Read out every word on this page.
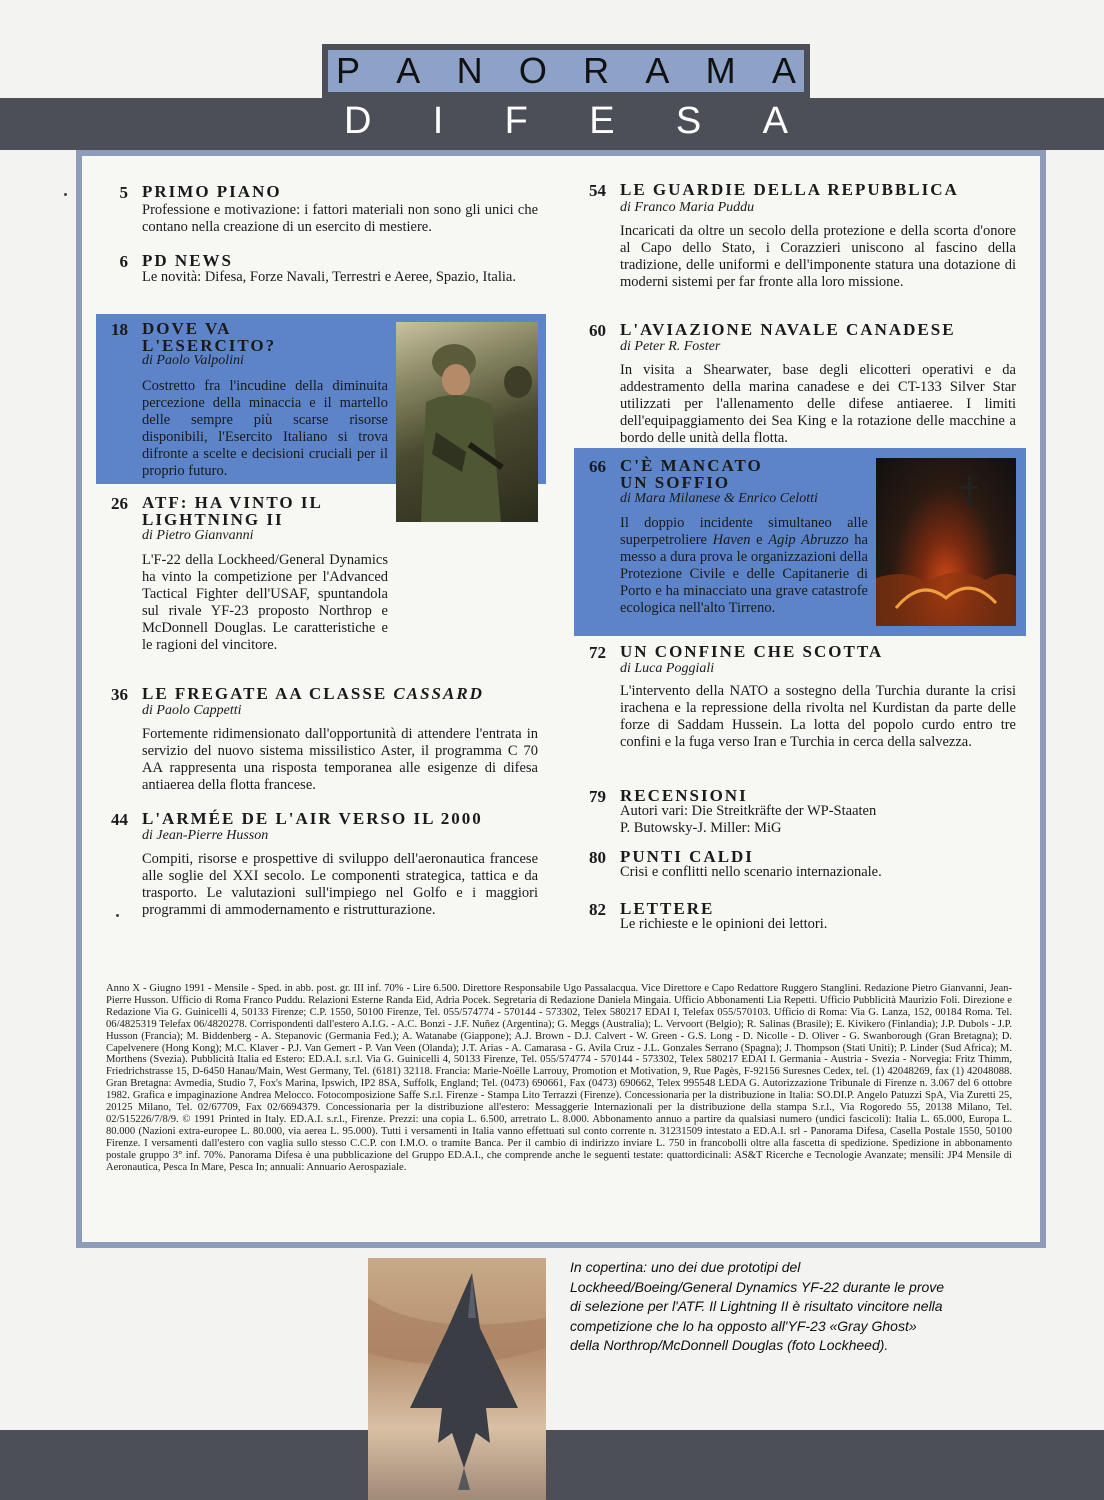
P A N O R A M A
D I F E S A
5 PRIMO PIANO
Professione e motivazione: i fattori materiali non sono gli unici che contano nella creazione di un esercito di mestiere.
6 PD NEWS
Le novità: Difesa, Forze Navali, Terrestri e Aeree, Spazio, Italia.
18 DOVE VA L'ESERCITO?
di Paolo Valpolini
Costretto fra l'incudine della diminuita percezione della minaccia e il martello delle sempre più scarse risorse disponibili, l'Esercito Italiano si trova difronte a scelte e decisioni cruciali per il proprio futuro.
26 ATF: HA VINTO IL LIGHTNING II
di Pietro Gianvanni
L'F-22 della Lockheed/General Dynamics ha vinto la competizione per l'Advanced Tactical Fighter dell'USAF, spuntandola sul rivale YF-23 proposto Northrop e McDonnell Douglas. Le caratteristiche e le ragioni del vincitore.
36 LE FREGATE AA CLASSE CASSARD
di Paolo Cappetti
Fortemente ridimensionato dall'opportunità di attendere l'entrata in servizio del nuovo sistema missilistico Aster, il programma C 70 AA rappresenta una risposta temporanea alle esigenze di difesa antiaerea della flotta francese.
44 L'ARMÉE DE L'AIR VERSO IL 2000
di Jean-Pierre Husson
Compiti, risorse e prospettive di sviluppo dell'aeronautica francese alle soglie del XXI secolo. Le componenti strategica, tattica e da trasporto. Le valutazioni sull'impiego nel Golfo e i maggiori programmi di ammodernamento e ristrutturazione.
54 LE GUARDIE DELLA REPUBBLICA
di Franco Maria Puddu
Incaricati da oltre un secolo della protezione e della scorta d'onore al Capo dello Stato, i Corazzieri uniscono al fascino della tradizione, delle uniformi e dell'imponente statura una dotazione di moderni sistemi per far fronte alla loro missione.
60 L'AVIAZIONE NAVALE CANADESE
di Peter R. Foster
In visita a Shearwater, base degli elicotteri operativi e da addestramento della marina canadese e dei CT-133 Silver Star utilizzati per l'allenamento delle difese antiaeree. I limiti dell'equipaggiamento dei Sea King e la rotazione delle macchine a bordo delle unità della flotta.
66 C'È MANCATO UN SOFFIO
di Mara Milanese & Enrico Celotti
Il doppio incidente simultaneo alle superpetroliere Haven e Agip Abruzzo ha messo a dura prova le organizzazioni della Protezione Civile e delle Capitanerie di Porto e ha minacciato una grave catastrofe ecologica nell'alto Tirreno.
72 UN CONFINE CHE SCOTTA
di Luca Poggiali
L'intervento della NATO a sostegno della Turchia durante la crisi irachena e la repressione della rivolta nel Kurdistan da parte delle forze di Saddam Hussein. La lotta del popolo curdo entro tre confini e la fuga verso Iran e Turchia in cerca della salvezza.
79 RECENSIONI
Autori vari: Die Streitkräfte der WP-Staaten
P. Butowsky-J. Miller: MiG
80 PUNTI CALDI
Crisi e conflitti nello scenario internazionale.
82 LETTERE
Le richieste e le opinioni dei lettori.
Anno X - Giugno 1991 - Mensile - Sped. in abb. post. gr. III inf. 70% - Lire 6.500. Direttore Responsabile Ugo Passalacqua. Vice Direttore e Capo Redattore Ruggero Stanglini. Redazione Pietro Gianvanni, Jean-Pierre Husson. Ufficio di Roma Franco Puddu. Relazioni Esterne Randa Eid, Adria Pocek. Segretaria di Redazione Daniela Mingaia. Ufficio Abbonamenti Lia Repetti. Ufficio Pubblicità Maurizio Foli. Direzione e Redazione Via G. Guinicelli 4, 50133 Firenze; C.P. 1550, 50100 Firenze, Tel. 055/574774 - 570144 - 573302, Telex 580217 EDAI I, Telefax 055/570103. Ufficio di Roma: Via G. Lanza, 152, 00184 Roma. Tel. 06/4825319 Telefax 06/4820278. Corrispondenti dall'estero A.I.G. - A.C. Bonzi - J.F. Nuñez (Argentina); G. Meggs (Australia); L. Vervoort (Belgio); R. Salinas (Brasile); E. Kivikero (Finlandia); J.P. Dubols - J.P. Husson (Francia); M. Biddenberg - A. Stepanovic (Germania Fed.); A. Watanabe (Giappone); A.J. Brown - D.J. Calvert - W. Green - G.S. Long - D. Nicolle - D. Oliver - G. Swanborough (Gran Bretagna); D. Capelvenere (Hong Kong); M.C. Klaver - P.J. Van Gemert - P. Van Veen (Olanda); J.T. Arias - A. Camarasa - G. Avila Cruz - J.L. Gonzales Serrano (Spagna); J. Thompson (Stati Uniti); P. Linder (Sud Africa); M. Morthens (Svezia). Pubblicità Italia ed Estero: ED.A.I. s.r.l. Via G. Guinicelli 4, 50133 Firenze, Tel. 055/574774 - 570144 - 573302, Telex 580217 EDAI I. Germania - Austria - Svezia - Norvegia: Fritz Thimm, Friedrichstrasse 15, D-6450 Hanau/Main, West Germany, Tel. (6181) 32118. Francia: Marie-Noëlle Larrouy, Promotion et Motivation, 9, Rue Pagès, F-92156 Suresnes Cedex, tel. (1) 42048269, fax (1) 42048088. Gran Bretagna: Avmedia, Studio 7, Fox's Marina, Ipswich, IP2 8SA, Suffolk, England; Tel. (0473) 690661, Fax (0473) 690662, Telex 995548 LEDA G. Autorizzazione Tribunale di Firenze n. 3.067 del 6 ottobre 1982. Grafica e impaginazione Andrea Melocco. Fotocomposizione Saffe S.r.l. Firenze - Stampa Lito Terrazzi (Firenze). Concessionaria per la distribuzione in Italia: SO.DI.P. Angelo Patuzzi SpA, Via Zuretti 25, 20125 Milano, Tel. 02/67709, Fax 02/6694379. Concessionaria per la distribuzione all'estero: Messaggerie Internazionali per la distribuzione della stampa S.r.l., Via Rogoredo 55, 20138 Milano, Tel. 02/515226/7/8/9. © 1991 Printed in Italy. ED.A.I. s.r.l., Firenze. Prezzi: una copia L. 6.500, arretrato L. 8.000. Abbonamento annuo a partire da qualsiasi numero (undici fascicoli): Italia L. 65.000, Europa L. 80.000 (Nazioni extra-europee L. 80.000, via aerea L. 95.000). Tutti i versamenti in Italia vanno effettuati sul conto corrente n. 31231509 intestato a ED.A.I. srl - Panorama Difesa, Casella Postale 1550, 50100 Firenze. I versamenti dall'estero con vaglia sullo stesso C.C.P. con I.M.O. o tramite Banca. Per il cambio di indirizzo inviare L. 750 in francobolli oltre alla fascetta di spedizione. Spedizione in abbonamento postale gruppo 3° inf. 70%. Panorama Difesa è una pubblicazione del Gruppo ED.A.I., che comprende anche le seguenti testate: quattordicinali: AS&T Ricerche e Tecnologie Avanzate; mensili: JP4 Mensile di Aeronautica, Pesca In Mare, Pesca In; annuali: Annuario Aerospaziale.
In copertina: uno dei due prototipi del Lockheed/Boeing/General Dynamics YF-22 durante le prove di selezione per l'ATF. Il Lightning II è risultato vincitore nella competizione che lo ha opposto all'YF-23 «Gray Ghost» della Northrop/McDonnell Douglas (foto Lockheed).
